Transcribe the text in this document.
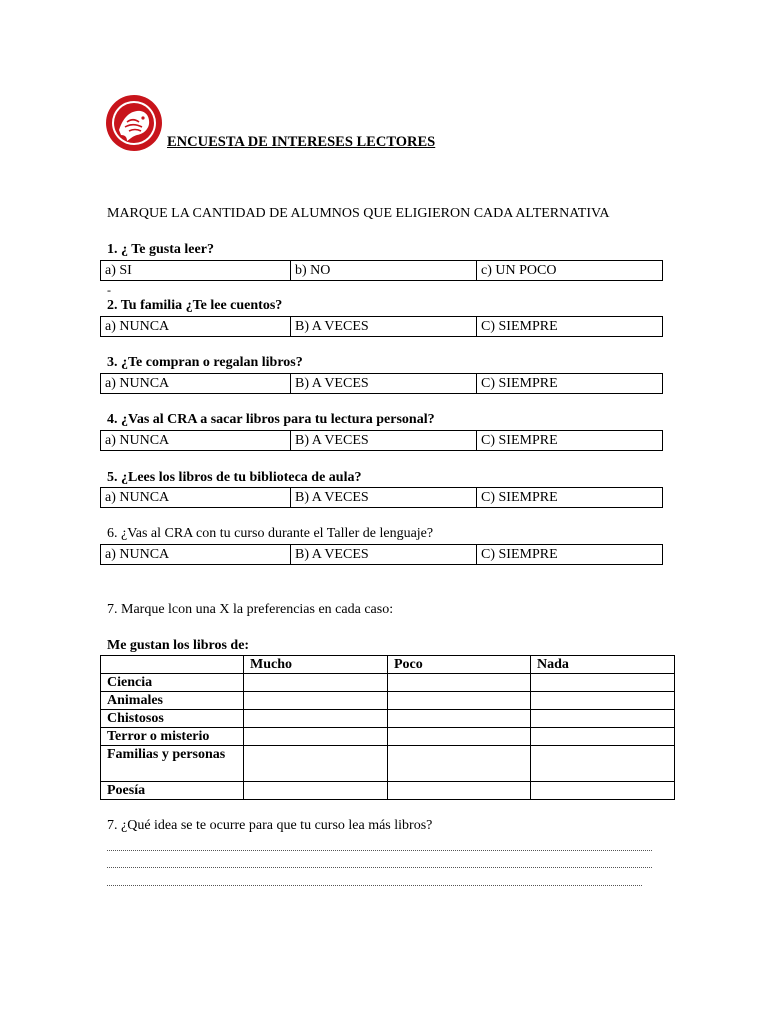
ENCUESTA DE INTERESES LECTORES
MARQUE LA CANTIDAD DE ALUMNOS QUE ELIGIERON CADA ALTERNATIVA
1. ¿ Te gusta leer?
a) SI	b) NO	c) UN POCO
-
2. Tu familia ¿Te lee cuentos?
a) NUNCA	B) A VECES	C) SIEMPRE
3. ¿Te compran o regalan libros?
a) NUNCA	B) A VECES	C) SIEMPRE
4. ¿Vas al CRA a sacar libros para tu lectura personal?
a) NUNCA	B) A VECES	C) SIEMPRE
5. ¿Lees los libros de tu biblioteca de aula?
a) NUNCA	B) A VECES	C) SIEMPRE
6. ¿Vas al CRA con tu curso durante el Taller de lenguaje?
a) NUNCA	B) A VECES	C) SIEMPRE
7. Marque lcon una X la preferencias en cada caso:
Me gustan los libros de:
	Mucho	Poco	Nada
Ciencia			
Animales			
Chistosos			
Terror o misterio			
Familias y personas			
Poesía			
7. ¿Qué idea se te ocurre para que tu curso lea más libros?
